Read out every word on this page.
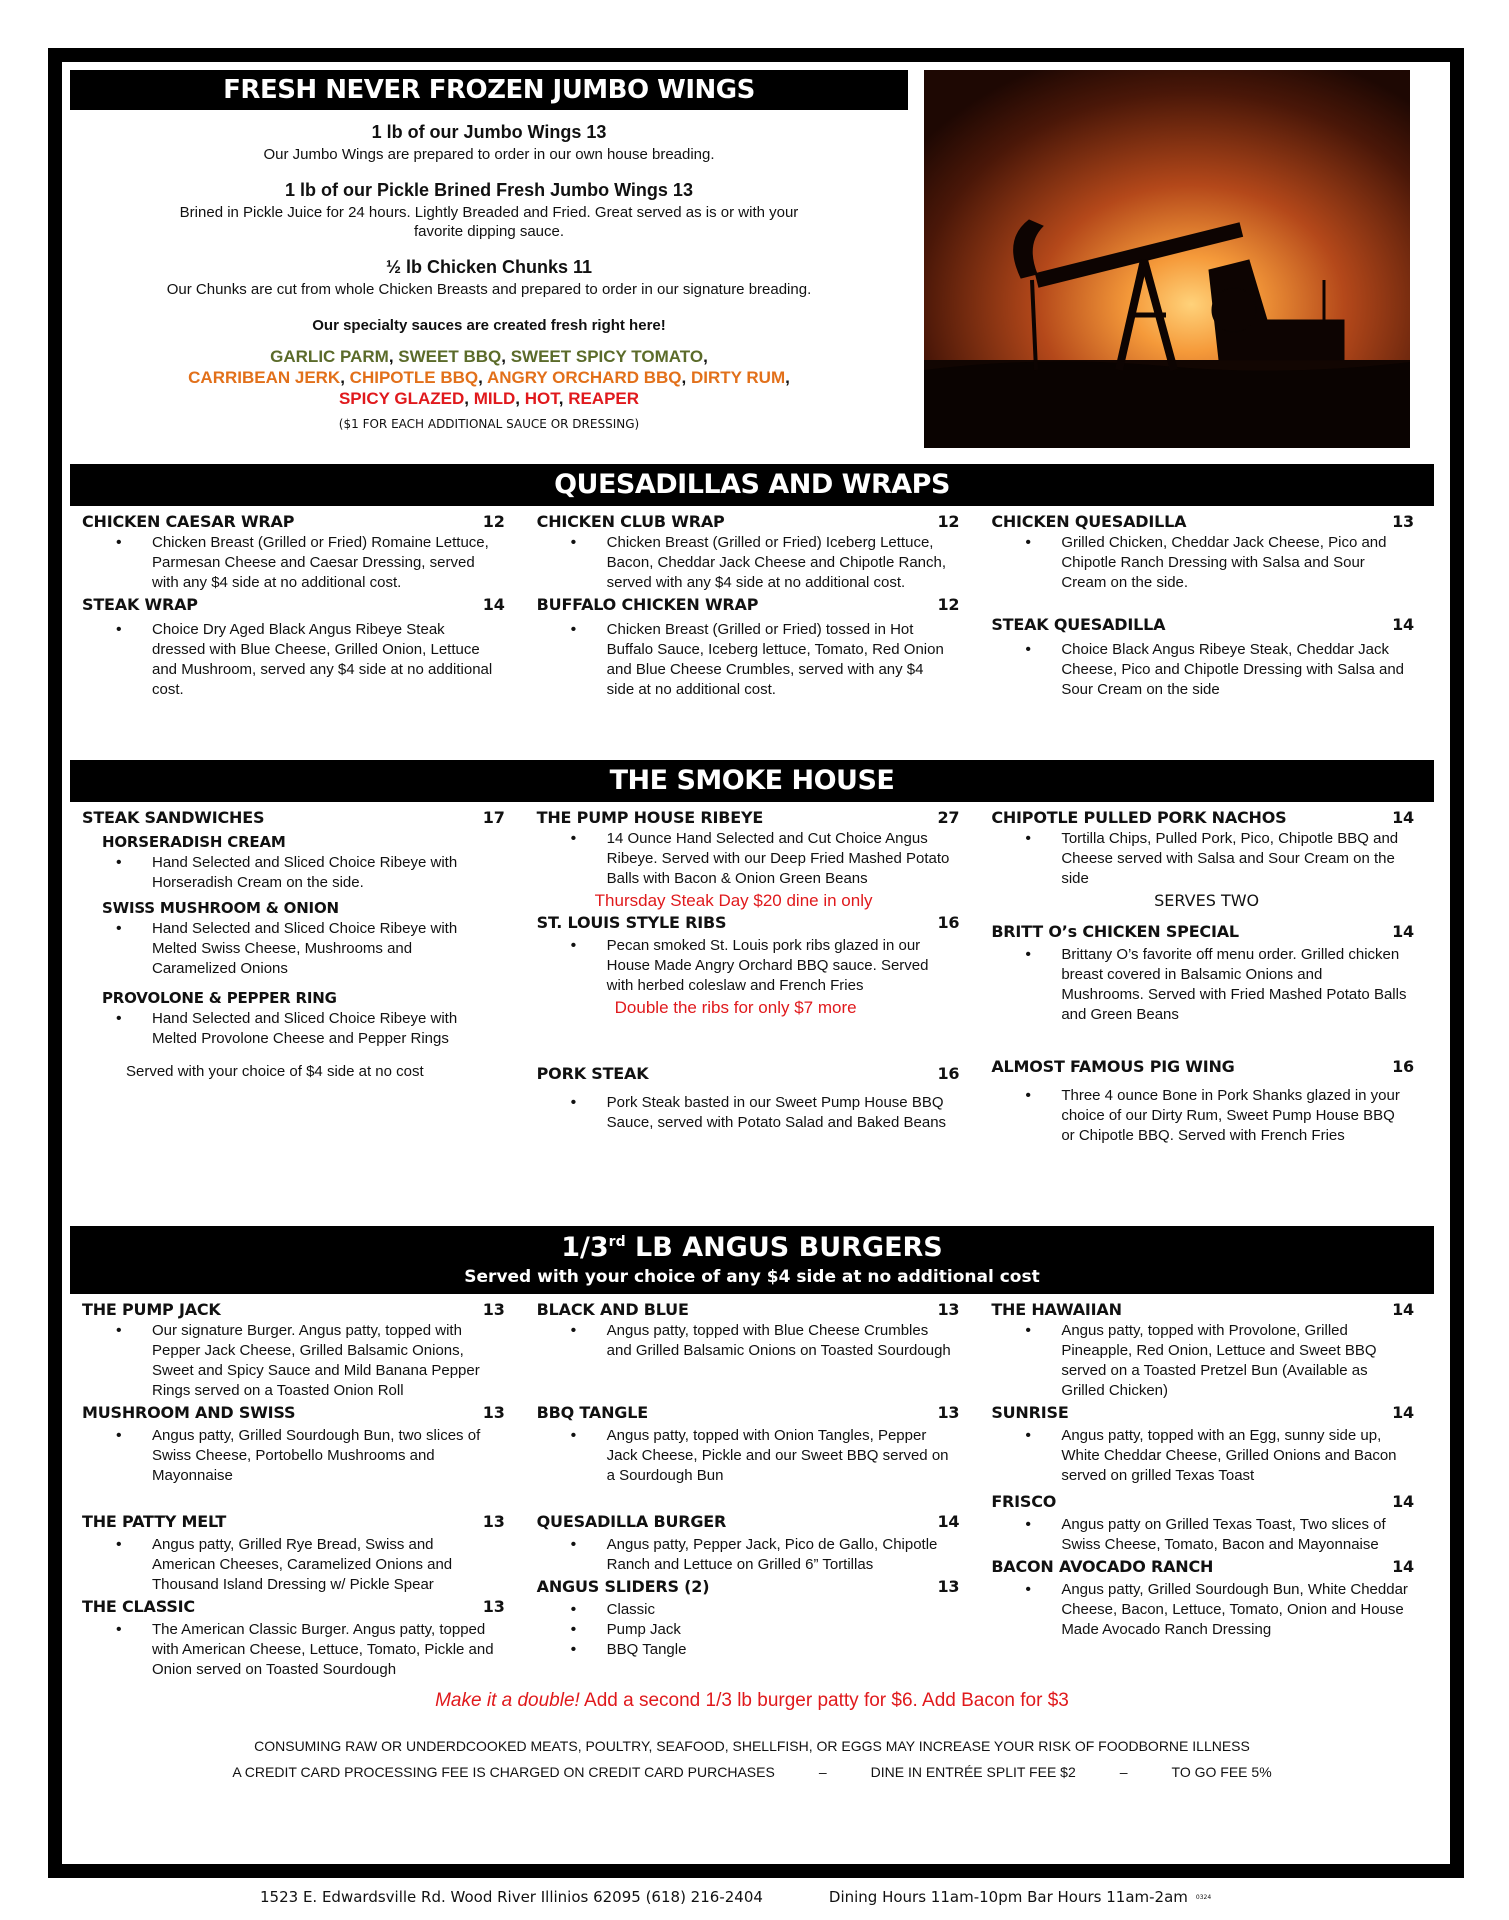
FRESH NEVER FROZEN JUMBO WINGS
1 lb of our Jumbo Wings 13
Our Jumbo Wings are prepared to order in our own house breading.
1 lb of our Pickle Brined Fresh Jumbo Wings 13
Brined in Pickle Juice for 24 hours. Lightly Breaded and Fried. Great served as is or with your favorite dipping sauce.
½ lb Chicken Chunks 11
Our Chunks are cut from whole Chicken Breasts and prepared to order in our signature breading.
Our specialty sauces are created fresh right here!
GARLIC PARM, SWEET BBQ, SWEET SPICY TOMATO,
CARRIBEAN JERK, CHIPOTLE BBQ, ANGRY ORCHARD BBQ, DIRTY RUM,
SPICY GLAZED, MILD, HOT, REAPER
($1 FOR EACH ADDITIONAL SAUCE OR DRESSING)
QUESADILLAS AND WRAPS
CHICKEN CAESAR WRAP	12
• Chicken Breast (Grilled or Fried) Romaine Lettuce, Parmesan Cheese and Caesar Dressing, served with any $4 side at no additional cost.
STEAK WRAP	14
• Choice Dry Aged Black Angus Ribeye Steak dressed with Blue Cheese, Grilled Onion, Lettuce and Mushroom, served any $4 side at no additional cost.
CHICKEN CLUB WRAP	12
• Chicken Breast (Grilled or Fried) Iceberg Lettuce, Bacon, Cheddar Jack Cheese and Chipotle Ranch, served with any $4 side at no additional cost.
BUFFALO CHICKEN WRAP	12
• Chicken Breast (Grilled or Fried) tossed in Hot Buffalo Sauce, Iceberg lettuce, Tomato, Red Onion and Blue Cheese Crumbles, served with any $4 side at no additional cost.
CHICKEN QUESADILLA	13
• Grilled Chicken, Cheddar Jack Cheese, Pico and Chipotle Ranch Dressing with Salsa and Sour Cream on the side.
STEAK QUESADILLA	14
• Choice Black Angus Ribeye Steak, Cheddar Jack Cheese, Pico and Chipotle Dressing with Salsa and Sour Cream on the side
THE SMOKE HOUSE
STEAK SANDWICHES	17
HORSERADISH CREAM
• Hand Selected and Sliced Choice Ribeye with Horseradish Cream on the side.
SWISS MUSHROOM & ONION
• Hand Selected and Sliced Choice Ribeye with Melted Swiss Cheese, Mushrooms and Caramelized Onions
PROVOLONE & PEPPER RING
• Hand Selected and Sliced Choice Ribeye with Melted Provolone Cheese and Pepper Rings
Served with your choice of $4 side at no cost
THE PUMP HOUSE RIBEYE	27
• 14 Ounce Hand Selected and Cut Choice Angus Ribeye. Served with our Deep Fried Mashed Potato Balls with Bacon & Onion Green Beans
Thursday Steak Day $20 dine in only
ST. LOUIS STYLE RIBS	16
• Pecan smoked St. Louis pork ribs glazed in our House Made Angry Orchard BBQ sauce. Served with herbed coleslaw and French Fries
Double the ribs for only $7 more
PORK STEAK	16
• Pork Steak basted in our Sweet Pump House BBQ Sauce, served with Potato Salad and Baked Beans
CHIPOTLE PULLED PORK NACHOS	14
• Tortilla Chips, Pulled Pork, Pico, Chipotle BBQ and Cheese served with Salsa and Sour Cream on the side
SERVES TWO
BRITT O’s CHICKEN SPECIAL	14
• Brittany O’s favorite off menu order. Grilled chicken breast covered in Balsamic Onions and Mushrooms. Served with Fried Mashed Potato Balls and Green Beans
ALMOST FAMOUS PIG WING	16
• Three 4 ounce Bone in Pork Shanks glazed in your choice of our Dirty Rum, Sweet Pump House BBQ or Chipotle BBQ. Served with French Fries
1/3rd LB ANGUS BURGERS
Served with your choice of any $4 side at no additional cost
THE PUMP JACK	13
• Our signature Burger. Angus patty, topped with Pepper Jack Cheese, Grilled Balsamic Onions, Sweet and Spicy Sauce and Mild Banana Pepper Rings served on a Toasted Onion Roll
MUSHROOM AND SWISS	13
• Angus patty, Grilled Sourdough Bun, two slices of Swiss Cheese, Portobello Mushrooms and Mayonnaise
THE PATTY MELT	13
• Angus patty, Grilled Rye Bread, Swiss and American Cheeses, Caramelized Onions and Thousand Island Dressing w/ Pickle Spear
THE CLASSIC	13
• The American Classic Burger. Angus patty, topped with American Cheese, Lettuce, Tomato, Pickle and Onion served on Toasted Sourdough
BLACK AND BLUE	13
• Angus patty, topped with Blue Cheese Crumbles and Grilled Balsamic Onions on Toasted Sourdough
BBQ TANGLE	13
• Angus patty, topped with Onion Tangles, Pepper Jack Cheese, Pickle and our Sweet BBQ served on a Sourdough Bun
QUESADILLA BURGER	14
• Angus patty, Pepper Jack, Pico de Gallo, Chipotle Ranch and Lettuce on Grilled 6” Tortillas
ANGUS SLIDERS (2)	13
• Classic
• Pump Jack
• BBQ Tangle
THE HAWAIIAN	14
• Angus patty, topped with Provolone, Grilled Pineapple, Red Onion, Lettuce and Sweet BBQ served on a Toasted Pretzel Bun (Available as Grilled Chicken)
SUNRISE	14
• Angus patty, topped with an Egg, sunny side up, White Cheddar Cheese, Grilled Onions and Bacon served on grilled Texas Toast
FRISCO	14
• Angus patty on Grilled Texas Toast, Two slices of Swiss Cheese, Tomato, Bacon and Mayonnaise
BACON AVOCADO RANCH	14
• Angus patty, Grilled Sourdough Bun, White Cheddar Cheese, Bacon, Lettuce, Tomato, Onion and House Made Avocado Ranch Dressing
Make it a double! Add a second 1/3 lb burger patty for $6. Add Bacon for $3
CONSUMING RAW OR UNDERDCOOKED MEATS, POULTRY, SEAFOOD, SHELLFISH, OR EGGS MAY INCREASE YOUR RISK OF FOODBORNE ILLNESS
A CREDIT CARD PROCESSING FEE IS CHARGED ON CREDIT CARD PURCHASES	–	DINE IN ENTRÉE SPLIT FEE $2	–	TO GO FEE 5%
1523 E. Edwardsville Rd. Wood River Illinios 62095 (618) 216-2404	Dining Hours 11am-10pm Bar Hours 11am-2am 0324
